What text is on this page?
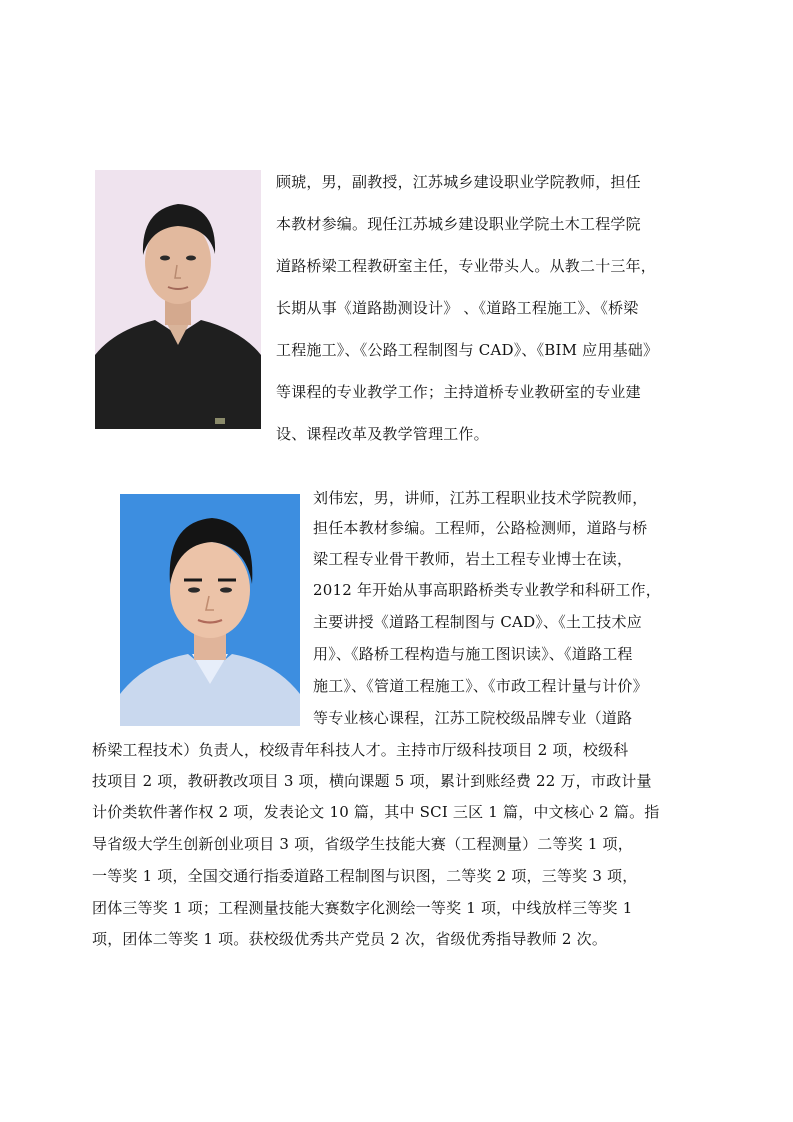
顾琥，男，副教授，江苏城乡建设职业学院教师，担任
本教材参编。现任江苏城乡建设职业学院土木工程学院
道路桥梁工程教研室主任，专业带头人。从教二十三年，
长期从事《道路勘测设计》 、《道路工程施工》、《桥梁
工程施工》、《公路工程制图与 CAD》、《BIM 应用基础》
等课程的专业教学工作；主持道桥专业教研室的专业建
设、课程改革及教学管理工作。
刘伟宏，男，讲师，江苏工程职业技术学院教师，
担任本教材参编。工程师，公路检测师，道路与桥
梁工程专业骨干教师，岩土工程专业博士在读，
2012 年开始从事高职路桥类专业教学和科研工作，
主要讲授《道路工程制图与 CAD》、《土工技术应
用》、《路桥工程构造与施工图识读》、《道路工程
施工》、《管道工程施工》、《市政工程计量与计价》
等专业核心课程，江苏工院校级品牌专业（道路
桥梁工程技术）负责人，校级青年科技人才。主持市厅级科技项目 2 项，校级科
技项目 2 项，教研教改项目 3 项，横向课题 5 项，累计到账经费 22 万，市政计量
计价类软件著作权 2 项，发表论文 10 篇，其中 SCI 三区 1 篇，中文核心 2 篇。指
导省级大学生创新创业项目 3 项，省级学生技能大赛（工程测量）二等奖 1 项，
一等奖 1 项，全国交通行指委道路工程制图与识图，二等奖 2 项，三等奖 3 项，
团体三等奖 1 项；工程测量技能大赛数字化测绘一等奖 1 项，中线放样三等奖 1
项，团体二等奖 1 项。获校级优秀共产党员 2 次，省级优秀指导教师 2 次。
